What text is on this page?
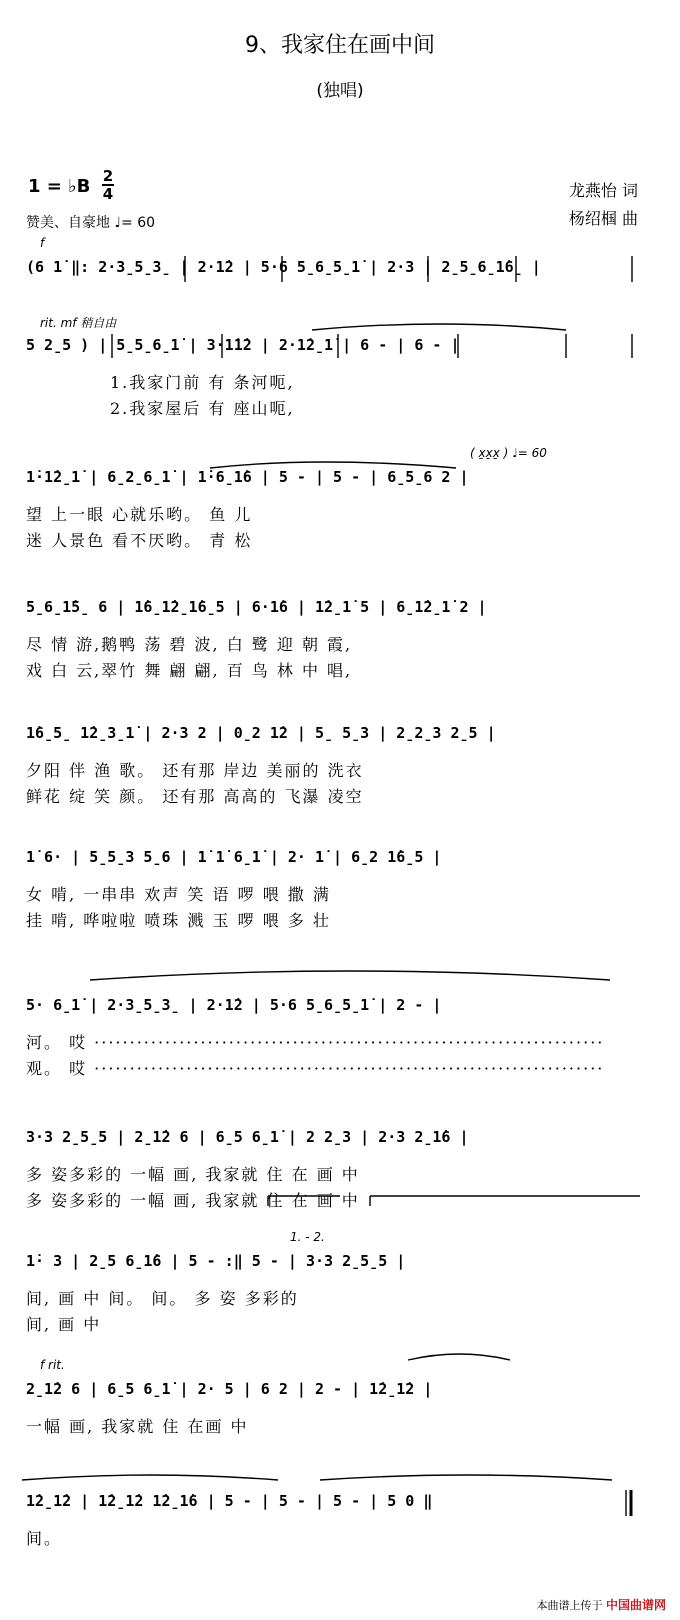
9、我家住在画中间
(独唱)
1 = ♭B 2
4	龙燕怡 词
杨绍椢 曲
赞美、自豪地 ♩= 60
f
(6 1̇ ‖: 2·3̱5̱3̱ | 2·1̇2 | 5·6 5̱6̱5̱1̇ | 2·3 | 2̱5̱6̱1̇6̱ |
rit. mf 稍自由
5 2̱5 ) | 5̱5̱6̱1̇ | 3·1̇1̇2 | 2·1̇2̱1̇ | 6 - | 6 - |
1.我家门前 有 条河呃,
2.我家屋后 有 座山呃,
( x̱x̱x̱ ) ♩= 60
1̇·1̇2̱1̇ | 6̱2̱6̱1̇ | 1̇·6̱1̇6 | 5 - | 5 - | 6̱5̱6 2 |
望 上一眼 心就乐哟。 鱼 儿
迷 人景色 看不厌哟。 青 松
5̱6̱1̇5̱ 6 | 1̇6̱1̇2̱1̇6̱5 | 6·1̇6 | 1̇2̱1̇ 5 | 6̱1̇2̱1̇ 2 |
尽 情 游,鹅鸭 荡 碧 波, 白 鹭 迎 朝 霞,
戏 白 云,翠竹 舞 翩 翩, 百 鸟 林 中 唱,
1̇6̱5̱ 1̇2̱3̱1̇ | 2·3 2 | 0̱2 1̇2 | 5̱ 5̱3 | 2̱2̱3 2̱5 |
夕阳 伴 渔 歌。 还有那 岸边 美丽的 洗衣
鲜花 绽 笑 颜。 还有那 高高的 飞瀑 凌空
1̇ 6· | 5̱5̱3 5̱6 | 1̇ 1̇ 6̱1̇ | 2· 1̇ | 6̱2 1̇6̱5 |
女 啃, 一串串 欢声 笑 语 啰 喂 撒 满
挂 啃, 哗啦啦 喷珠 溅 玉 啰 喂 多 壮
5· 6̱1̇ | 2·3̱5̱3̱ | 2·1̇2 | 5·6 5̱6̱5̱1̇ | 2 - |
河。 哎 ········································································
观。 哎 ········································································
3·3 2̱5̱5 | 2̱1̇2 6 | 6̱5 6̱1̇ | 2 2̱3 | 2·3 2̱1̇6 |
多 姿多彩的 一幅 画, 我家就 住 在 画 中
多 姿多彩的 一幅 画, 我家就 住 在 画 中
1. - 2.
1̇· 3 | 2̱5 6̱1̇6 | 5 - :‖ 5 - | 3·3 2̱5̱5 |
间, 画 中 间。 间。 多 姿 多彩的
间, 画 中
f rit.
2̱1̇2 6 | 6̱5 6̱1̇ | 2· 5 | 6 2 | 2 - | 1̇2̱1̇2 |
一幅 画, 我家就 住 在画 中
1̇2̱1̇2 | 1̇2̱1̇2 1̇2̱1̇6 | 5 - | 5 - | 5 - | 5 0 ‖
间。
本曲谱上传于 中国曲谱网
